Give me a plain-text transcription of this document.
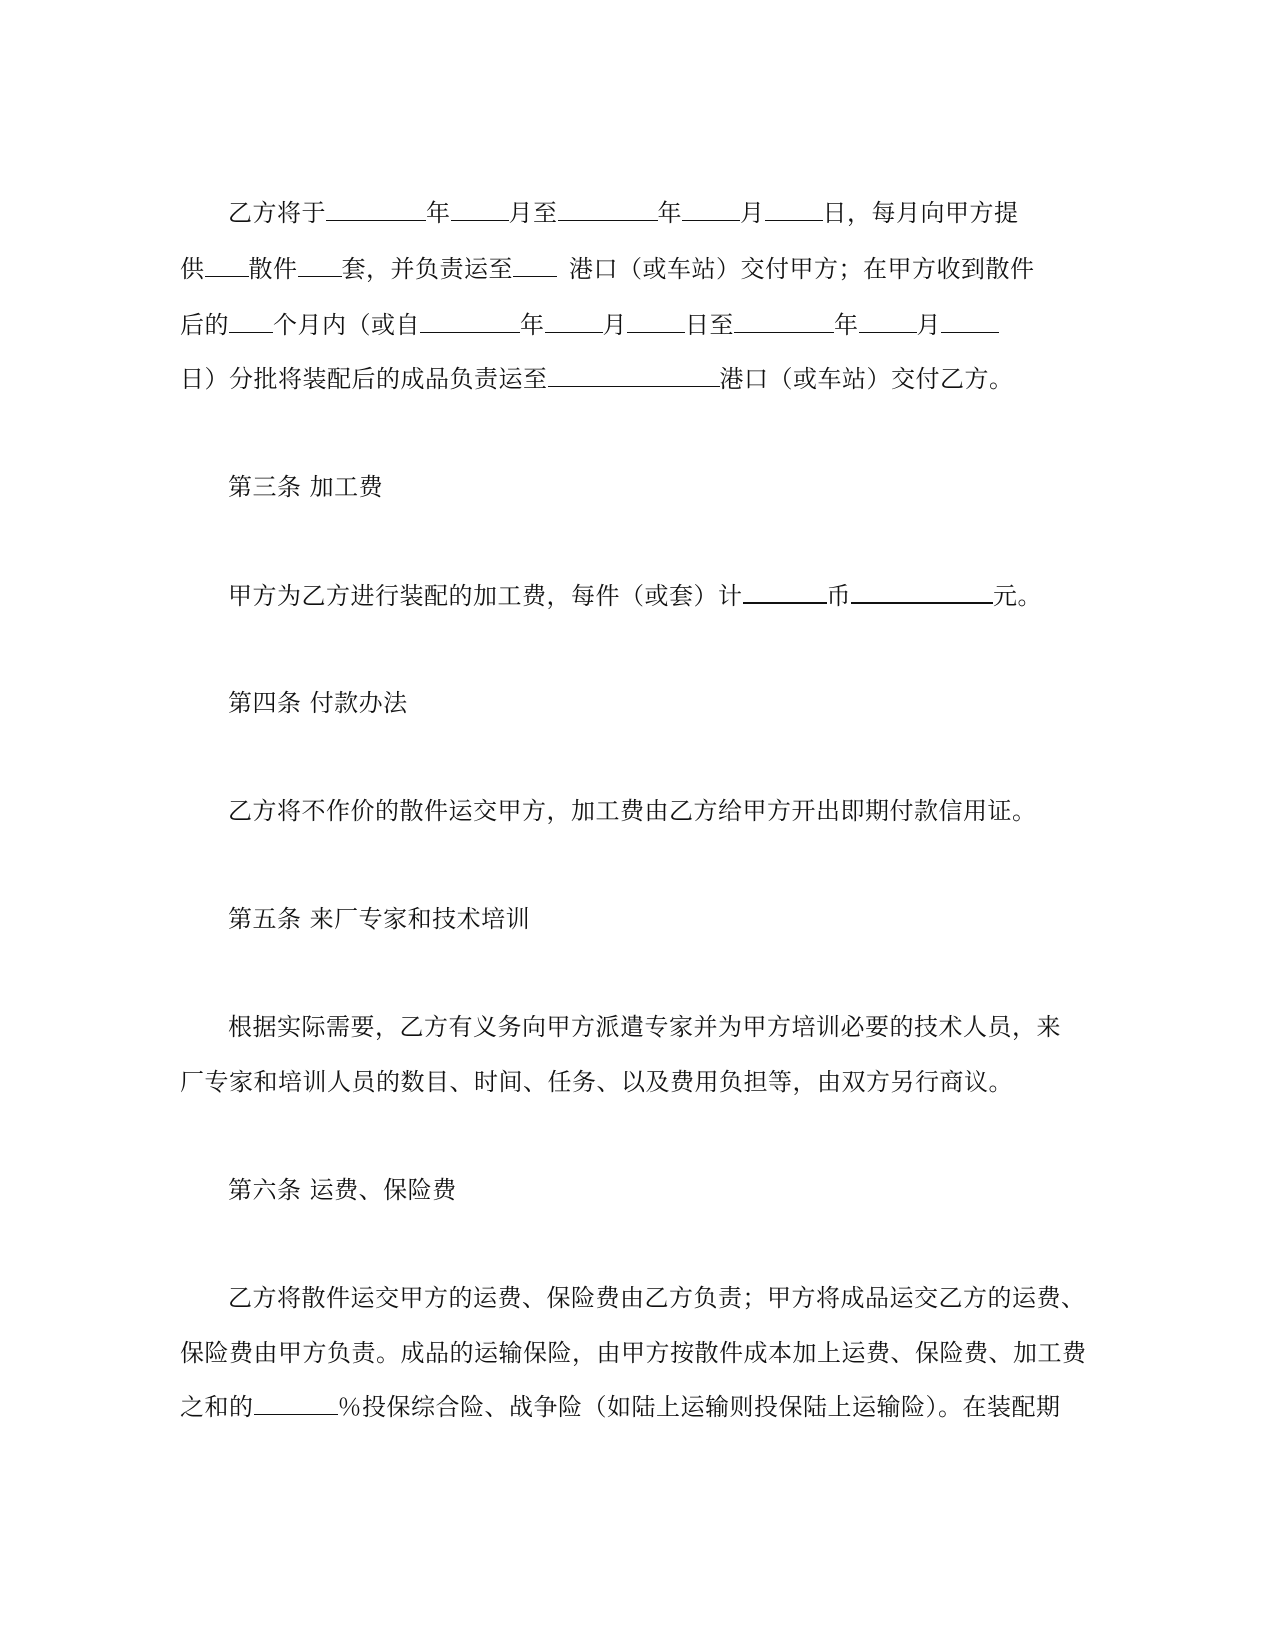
乙方将于	年 月至	年 月 日，每月向甲方提
供 散件 套，并负责运至 港口（或车站）交付甲方；在甲方收到散件
后的 个月内（或自	年 月 日至	年 月
日）分批将装配后的成品负责运至	港口（或车站）交付乙方。
第三条 加工费
甲方为乙方进行装配的加工费，每件（或套）计	币	元。
第四条 付款办法
乙方将不作价的散件运交甲方，加工费由乙方给甲方开出即期付款信用证。
第五条 来厂专家和技术培训
根据实际需要，乙方有义务向甲方派遣专家并为甲方培训必要的技术人员，来
厂专家和培训人员的数目、时间、任务、以及费用负担等，由双方另行商议。
第六条 运费、保险费
乙方将散件运交甲方的运费、保险费由乙方负责；甲方将成品运交乙方的运费、
保险费由甲方负责。成品的运输保险，由甲方按散件成本加上运费、保险费、加工费
之和的	％投保综合险、战争险（如陆上运输则投保陆上运输险）。在装配期
